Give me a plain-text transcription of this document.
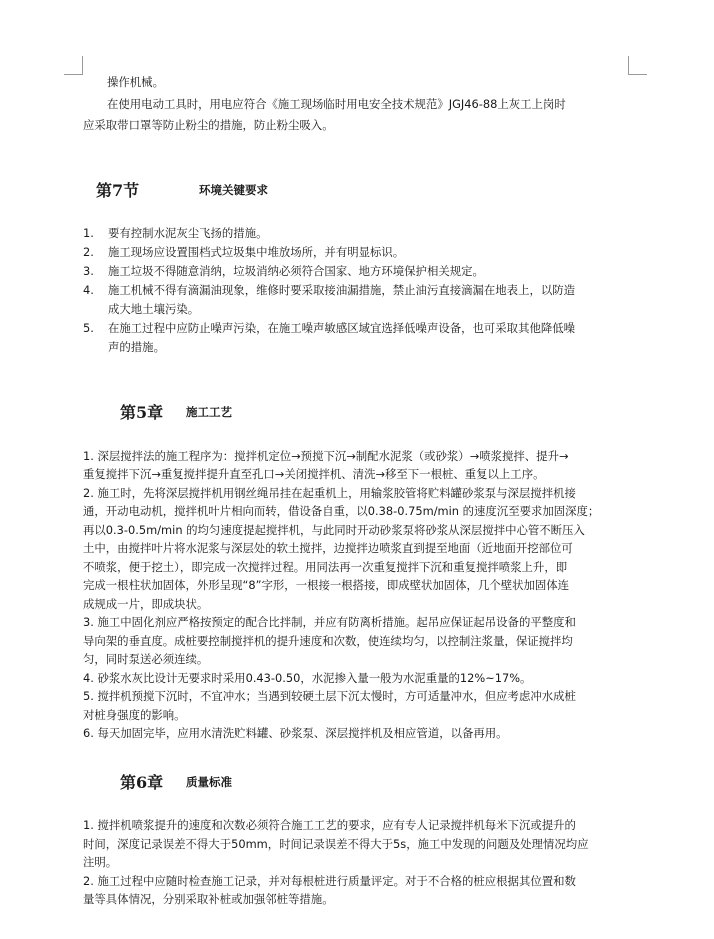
操作机械。
在使用电动工具时，用电应符合《施工现场临时用电安全技术规范》JGJ46-88上灰工上岗时
应采取带口罩等防止粉尘的措施，防止粉尘吸入。
第7节	环境关键要求
1. 要有控制水泥灰尘飞扬的措施。
2. 施工现场应设置围档式垃圾集中堆放场所，并有明显标识。
3. 施工垃圾不得随意消纳，垃圾消纳必须符合国家、地方环境保护相关规定。
4. 施工机械不得有滴漏油现象，维修时要采取接油漏措施，禁止油污直接滴漏在地表上，以防造
成大地土壤污染。
5. 在施工过程中应防止噪声污染，在施工噪声敏感区域宜选择低噪声设备，也可采取其他降低噪
声的措施。
第5章 施工工艺
1. 深层搅拌法的施工程序为：搅拌机定位→预搅下沉→制配水泥浆（或砂浆）→喷浆搅拌、提升→
重复搅拌下沉→重复搅拌提升直至孔口→关闭搅拌机、清洗→移至下一根桩、重复以上工序。
2. 施工时，先将深层搅拌机用钢丝绳吊挂在起重机上，用输浆胶管将贮料罐砂浆泵与深层搅拌机接
通，开动电动机，搅拌机叶片相向而转，借设备自重，以0.38-0.75m/min 的速度沉至要求加固深度；
再以0.3-0.5m/min 的均匀速度提起搅拌机，与此同时开动砂浆泵将砂浆从深层搅拌中心管不断压入
土中，由搅拌叶片将水泥浆与深层处的软土搅拌，边搅拌边喷浆直到提至地面（近地面开挖部位可
不喷浆，便于挖土），即完成一次搅拌过程。用同法再一次重复搅拌下沉和重复搅拌喷浆上升，即
完成一根柱状加固体，外形呈现“8”字形，一根接一根搭接，即成壁状加固体，几个壁状加固体连
成规成一片，即成块状。
3. 施工中固化剂应严格按预定的配合比拌制，并应有防离析措施。起吊应保证起吊设备的平整度和
导向架的垂直度。成桩要控制搅拌机的提升速度和次数，使连续均匀，以控制注浆量，保证搅拌均
匀，同时泵送必须连续。
4. 砂浆水灰比设计无要求时采用0.43-0.50，水泥掺入量一般为水泥重量的12%~17%。
5. 搅拌机预搅下沉时，不宜冲水；当遇到较硬土层下沉太慢时，方可适量冲水，但应考虑冲水成桩
对桩身强度的影响。
6. 每天加固完毕，应用水清洗贮料罐、砂浆泵、深层搅拌机及相应管道，以备再用。
第6章 质量标准
1. 搅拌机喷浆提升的速度和次数必须符合施工工艺的要求，应有专人记录搅拌机每米下沉或提升的
时间，深度记录误差不得大于50mm，时间记录误差不得大于5s，施工中发现的问题及处理情况均应
注明。
2. 施工过程中应随时检查施工记录，并对每根桩进行质量评定。对于不合格的桩应根据其位置和数
量等具体情况，分别采取补桩或加强邻桩等措施。
